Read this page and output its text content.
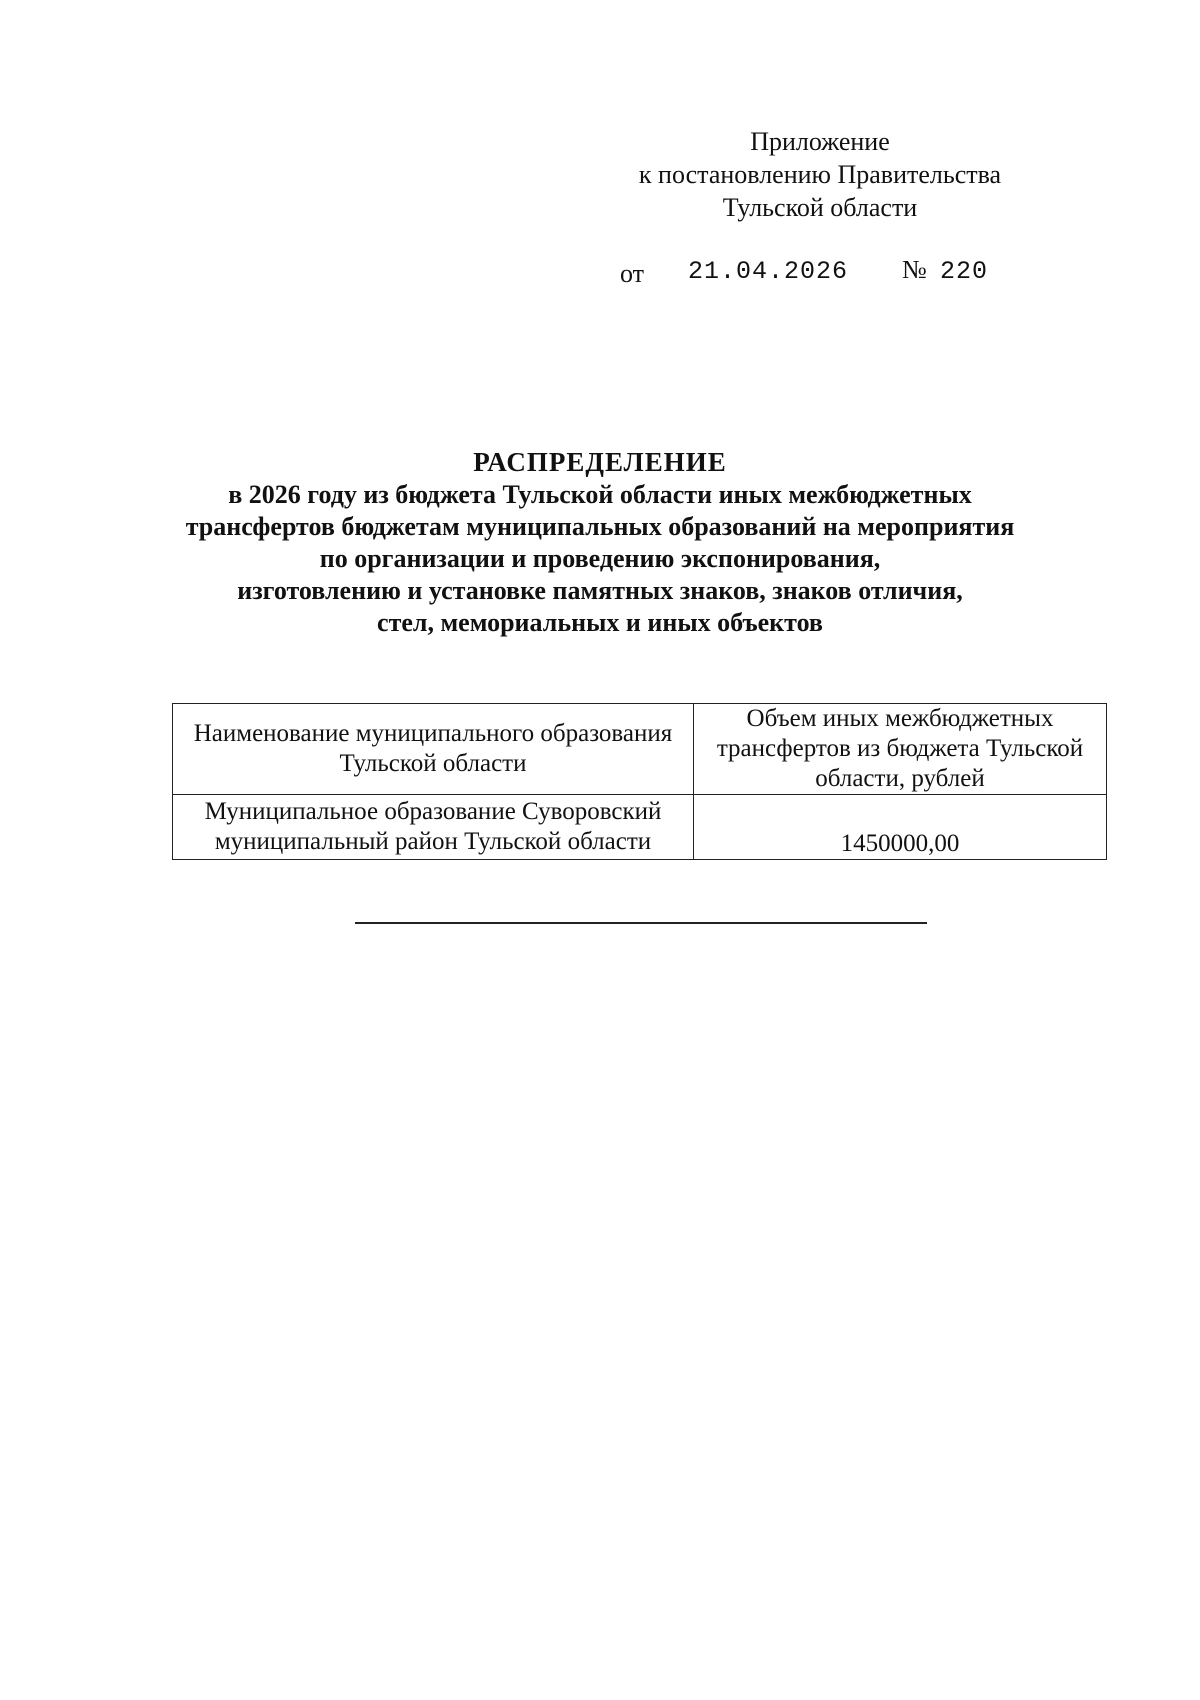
Приложение
к постановлению Правительства
Тульской области
от 21.04.2026 № 220
РАСПРЕДЕЛЕНИЕ
в 2026 году из бюджета Тульской области иных межбюджетных
трансфертов бюджетам муниципальных образований на мероприятия
по организации и проведению экспонирования,
изготовлению и установке памятных знаков, знаков отличия,
стел, мемориальных и иных объектов
Наименование муниципального образования Тульской области	Объем иных межбюджетных трансфертов из бюджета Тульской области, рублей
Муниципальное образование Суворовский муниципальный район Тульской области	1450000,00
